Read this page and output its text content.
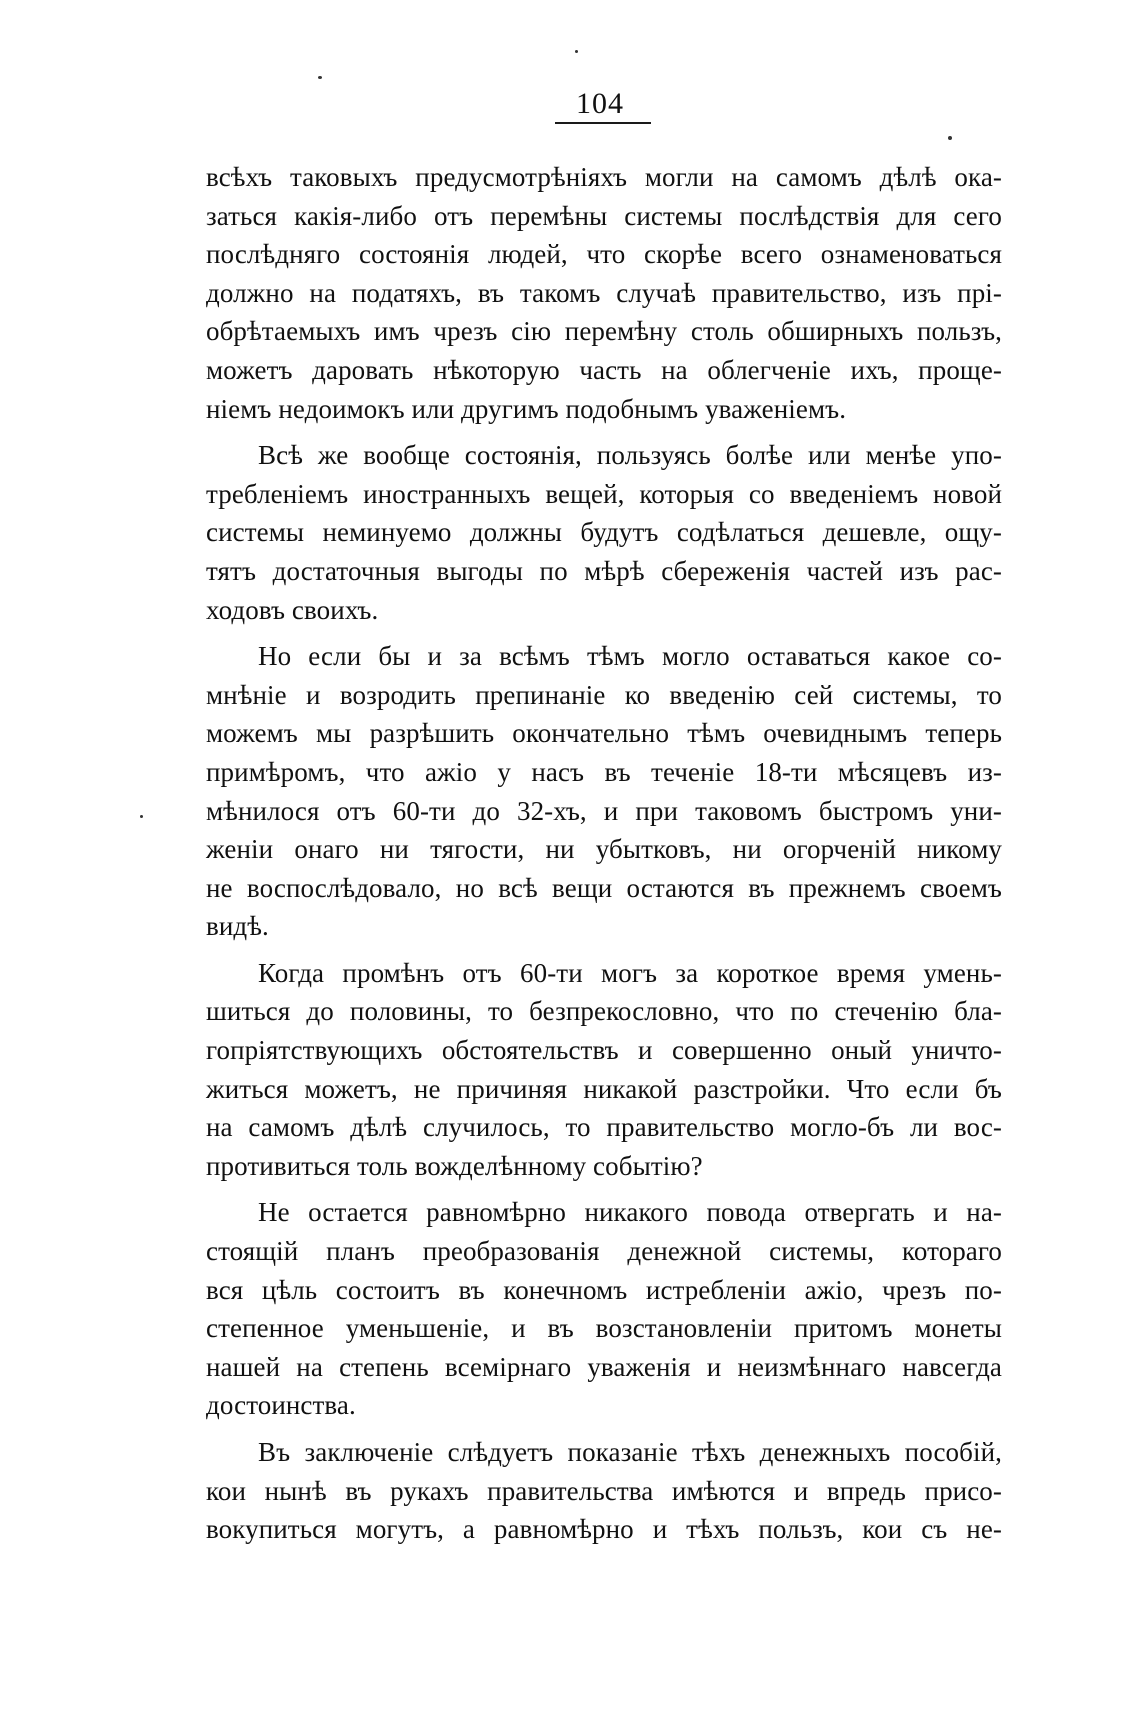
104
всѣхъ таковыхъ предусмотрѣніяхъ могли на самомъ дѣлѣ ока-
заться какія-либо отъ перемѣны системы послѣдствія для сего
послѣдняго состоянія людей, что скорѣе всего ознаменоваться
должно на податяхъ, въ такомъ случаѣ правительство, изъ прі-
обрѣтаемыхъ имъ чрезъ сію перемѣну столь обширныхъ пользъ,
можетъ даровать нѣкоторую часть на облегченіе ихъ, проще-
ніемъ недоимокъ или другимъ подобнымъ уваженіемъ.
Всѣ же вообще состоянія, пользуясь болѣе или менѣе упо-
требленіемъ иностранныхъ вещей, которыя со введеніемъ новой
системы неминуемо должны будутъ содѣлаться дешевле, ощу-
тятъ достаточныя выгоды по мѣрѣ сбереженія частей изъ рас-
ходовъ своихъ.
Но если бы и за всѣмъ тѣмъ могло оставаться какое со-
мнѣніе и возродить препинаніе ко введенію сей системы, то
можемъ мы разрѣшить окончательно тѣмъ очевиднымъ теперь
примѣромъ, что ажіо у насъ въ теченіе 18-ти мѣсяцевъ из-
мѣнилося отъ 60-ти до 32-хъ, и при таковомъ быстромъ уни-
женіи онаго ни тягости, ни убытковъ, ни огорченій никому
не воспослѣдовало, но всѣ вещи остаются въ прежнемъ своемъ
видѣ.
Когда промѣнъ отъ 60-ти могъ за короткое время умень-
шиться до половины, то безпрекословно, что по стеченію бла-
гопріятствующихъ обстоятельствъ и совершенно оный уничто-
житься можетъ, не причиняя никакой разстройки. Что если бъ
на самомъ дѣлѣ случилось, то правительство могло-бъ ли вос-
противиться толь вожделѣнному событію?
Не остается равномѣрно никакого повода отвергать и на-
стоящій планъ преобразованія денежной системы, котораго
вся цѣль состоитъ въ конечномъ истребленіи ажіо, чрезъ по-
степенное уменьшеніе, и въ возстановленіи притомъ монеты
нашей на степень всемірнаго уваженія и неизмѣннаго навсегда
достоинства.
Въ заключеніе слѣдуетъ показаніе тѣхъ денежныхъ пособій,
кои нынѣ въ рукахъ правительства имѣются и впредь присо-
вокупиться могутъ, а равномѣрно и тѣхъ пользъ, кои съ не-
